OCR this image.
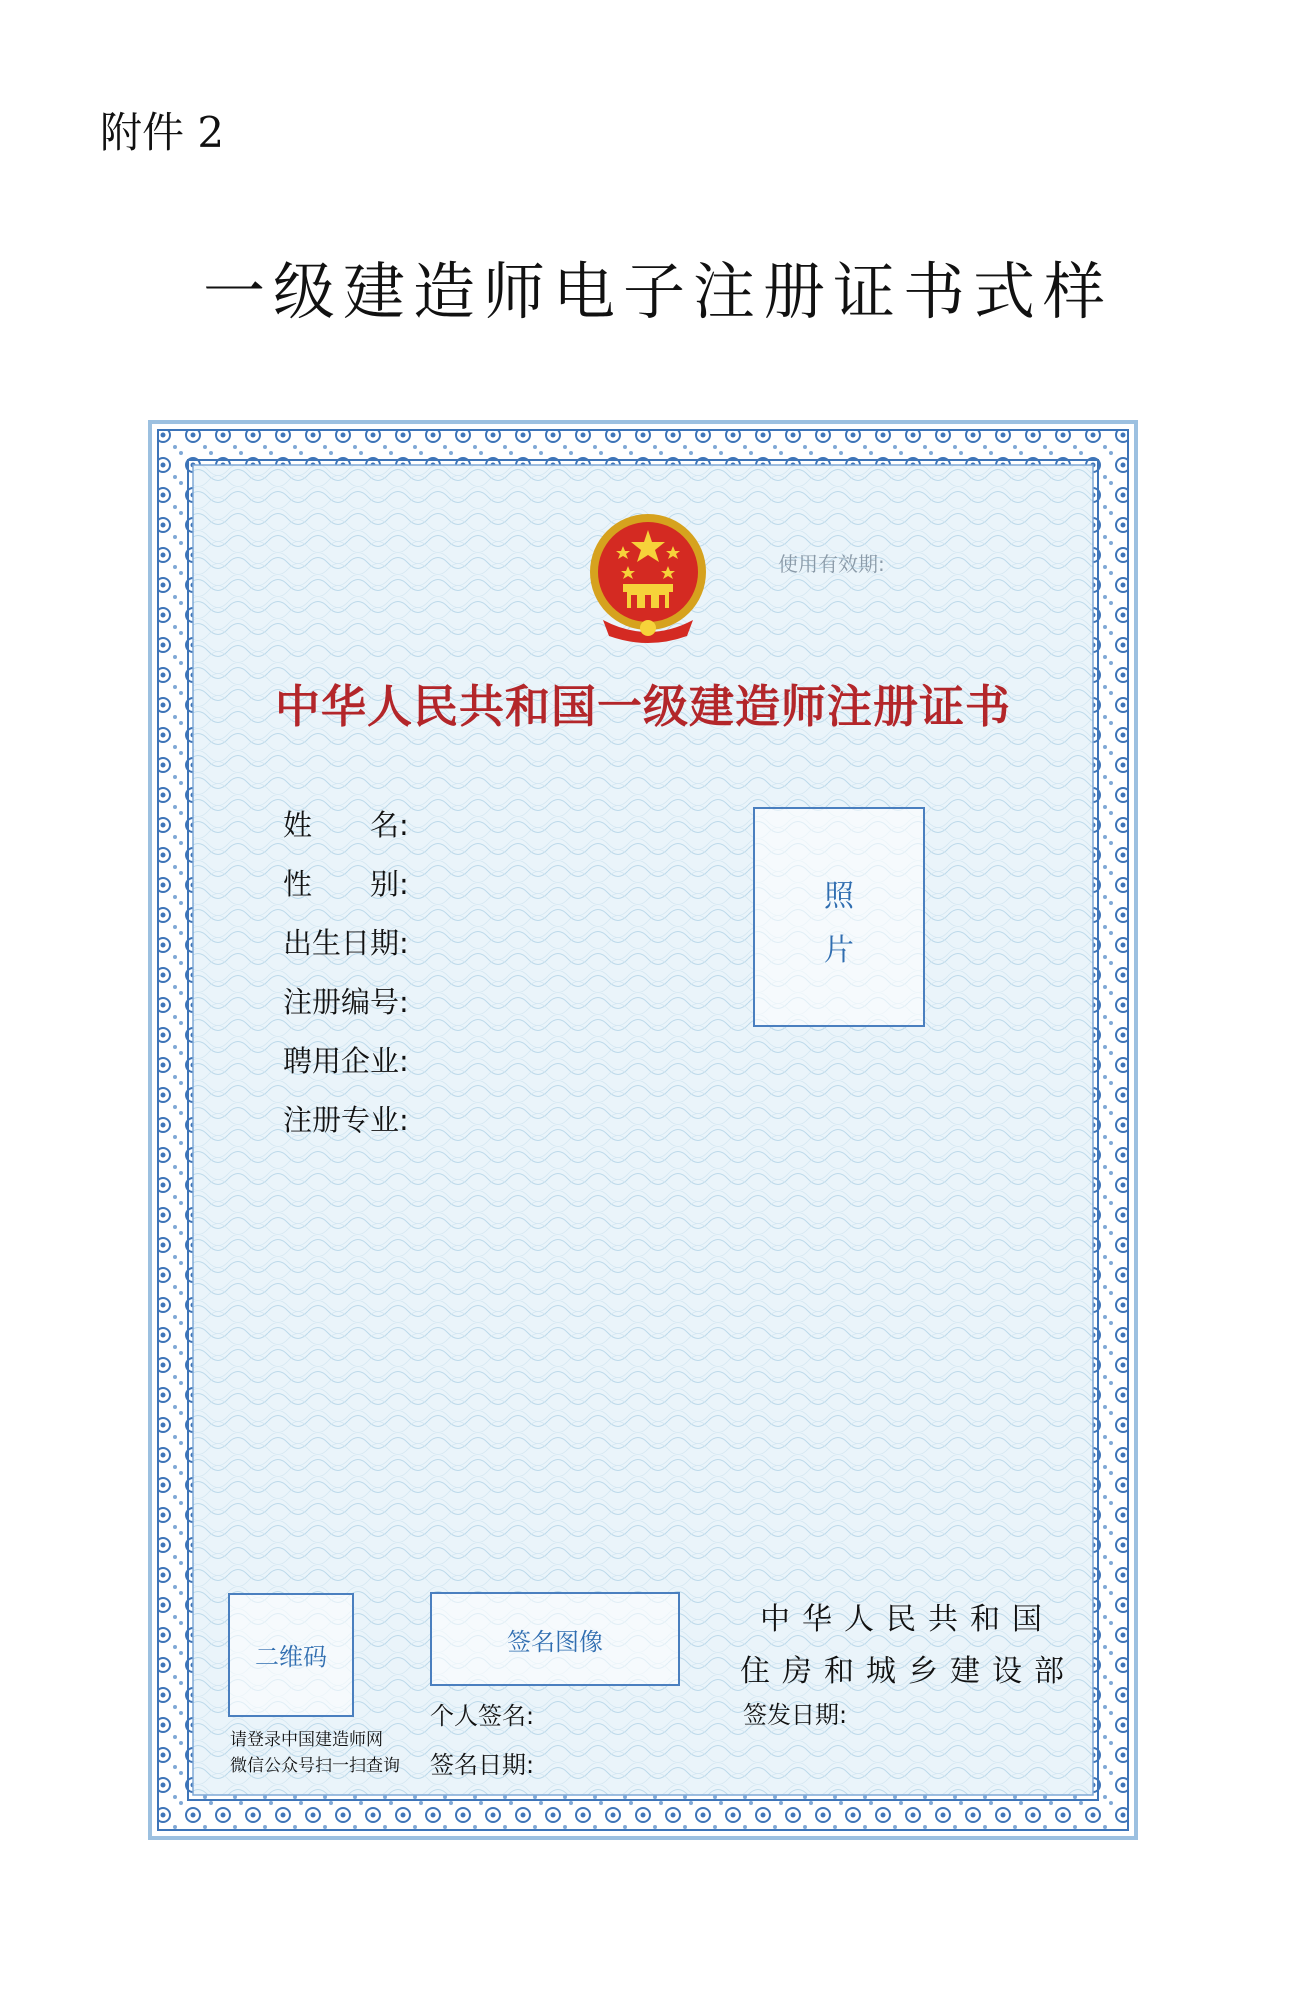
附件 2
一级建造师电子注册证书式样
使用有效期:
中华人民共和国一级建造师注册证书
姓　　名:
性　　别:
出生日期:
注册编号:
聘用企业:
注册专业:
照
片
二维码
请登录中国建造师网
微信公众号扫一扫查询
签名图像
个人签名:
签名日期:
中华人民共和国
住房和城乡建设部
签发日期:
